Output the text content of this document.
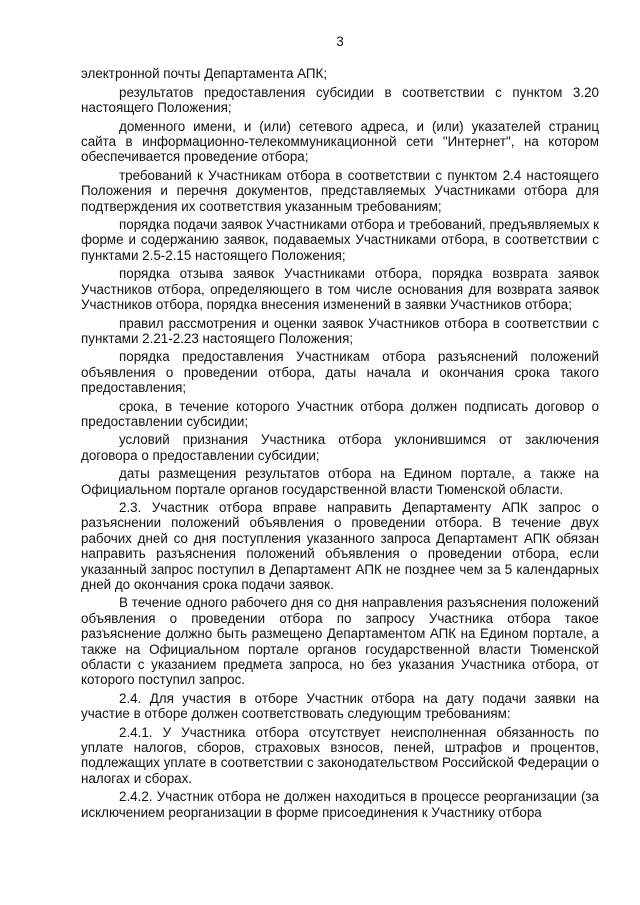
3

электронной почты Департамента АПК;

результатов предоставления субсидии в соответствии с пунктом 3.20 настоящего Положения;

доменного имени, и (или) сетевого адреса, и (или) указателей страниц сайта в информационно-телекоммуникационной сети "Интернет", на котором обеспечивается проведение отбора;

требований к Участникам отбора в соответствии с пунктом 2.4 настоящего Положения и перечня документов, представляемых Участниками отбора для подтверждения их соответствия указанным требованиям;

порядка подачи заявок Участниками отбора и требований, предъявляемых к форме и содержанию заявок, подаваемых Участниками отбора, в соответствии с пунктами 2.5-2.15 настоящего Положения;

порядка отзыва заявок Участниками отбора, порядка возврата заявок Участников отбора, определяющего в том числе основания для возврата заявок Участников отбора, порядка внесения изменений в заявки Участников отбора;

правил рассмотрения и оценки заявок Участников отбора в соответствии с пунктами 2.21-2.23 настоящего Положения;

порядка предоставления Участникам отбора разъяснений положений объявления о проведении отбора, даты начала и окончания срока такого предоставления;

срока, в течение которого Участник отбора должен подписать договор о предоставлении субсидии;

условий признания Участника отбора уклонившимся от заключения договора о предоставлении субсидии;

даты размещения результатов отбора на Едином портале, а также на Официальном портале органов государственной власти Тюменской области.

2.3. Участник отбора вправе направить Департаменту АПК запрос о разъяснении положений объявления о проведении отбора. В течение двух рабочих дней со дня поступления указанного запроса Департамент АПК обязан направить разъяснения положений объявления о проведении отбора, если указанный запрос поступил в Департамент АПК не позднее чем за 5 календарных дней до окончания срока подачи заявок.

В течение одного рабочего дня со дня направления разъяснения положений объявления о проведении отбора по запросу Участника отбора такое разъяснение должно быть размещено Департаментом АПК на Едином портале, а также на Официальном портале органов государственной власти Тюменской области с указанием предмета запроса, но без указания Участника отбора, от которого поступил запрос.

2.4. Для участия в отборе Участник отбора на дату подачи заявки на участие в отборе должен соответствовать следующим требованиям:

2.4.1. У Участника отбора отсутствует неисполненная обязанность по уплате налогов, сборов, страховых взносов, пеней, штрафов и процентов, подлежащих уплате в соответствии с законодательством Российской Федерации о налогах и сборах.

2.4.2. Участник отбора не должен находиться в процессе реорганизации (за исключением реорганизации в форме присоединения к Участнику отбора
